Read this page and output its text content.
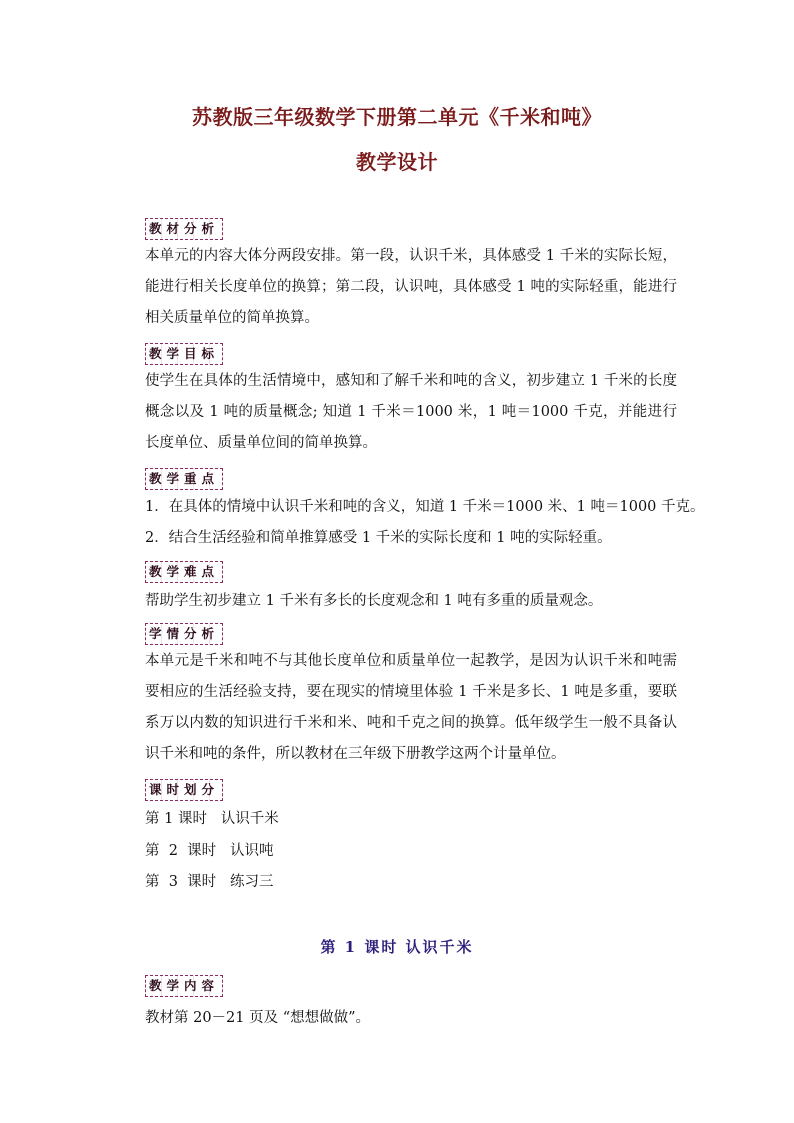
苏教版三年级数学下册第二单元《千米和吨》
教学设计
教材分析
本单元的内容大体分两段安排。第一段，认识千米，具体感受 1 千米的实际长短，能进行相关长度单位的换算；第二段，认识吨，具体感受 1 吨的实际轻重，能进行相关质量单位的简单换算。
教学目标
使学生在具体的生活情境中，感知和了解千米和吨的含义，初步建立 1 千米的长度概念以及 1 吨的质量概念; 知道 1 千米＝1000 米，1 吨＝1000 千克，并能进行长度单位、质量单位间的简单换算。
教学重点
1．在具体的情境中认识千米和吨的含义，知道 1 千米＝1000 米、1 吨＝1000 千克。
2．结合生活经验和简单推算感受 1 千米的实际长度和 1 吨的实际轻重。
教学难点
帮助学生初步建立 1 千米有多长的长度观念和 1 吨有多重的质量观念。
学情分析
本单元是千米和吨不与其他长度单位和质量单位一起教学，是因为认识千米和吨需要相应的生活经验支持，要在现实的情境里体验 1 千米是多长、1 吨是多重，要联系万以内数的知识进行千米和米、吨和千克之间的换算。低年级学生一般不具备认识千米和吨的条件，所以教材在三年级下册教学这两个计量单位。
课时划分
第 1 课时   认识千米
第  2  课时   认识吨
第  3  课时   练习三
第 1 课时 认识千米
教学内容
教材第 20－21 页及 “想想做做”。
